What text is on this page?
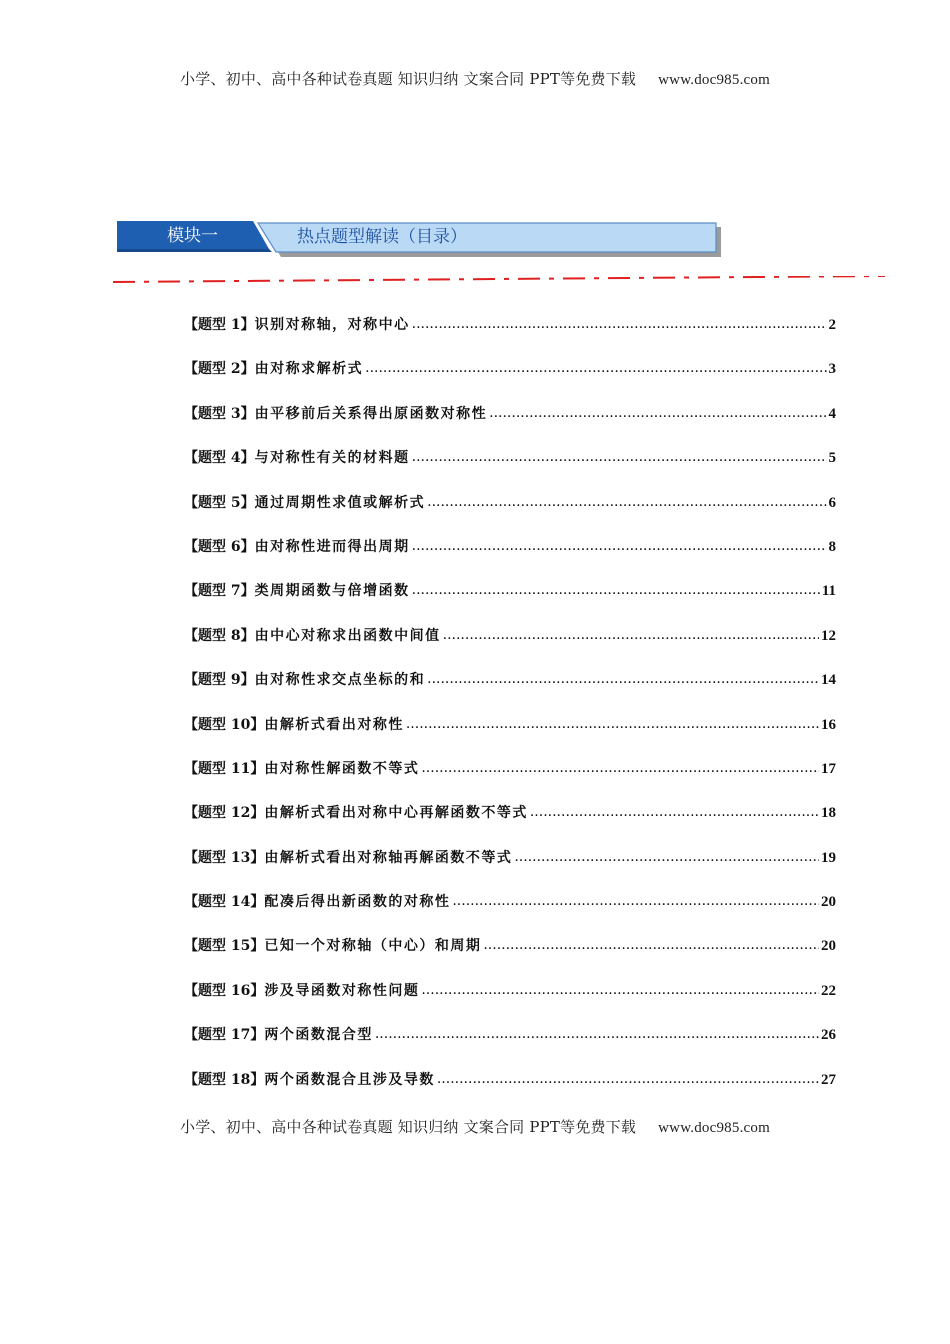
小学、初中、高中各种试卷真题 知识归纳 文案合同 PPT等免费下载 www.doc985.com
模块一	热点题型解读（目录）
【题型 1】 识别对称轴，对称中心 .....	2
【题型 2】 由对称求解析式 .....	3
【题型 3】 由平移前后关系得出原函数对称性 .....	4
【题型 4】 与对称性有关的材料题 .....	5
【题型 5】 通过周期性求值或解析式 .....	6
【题型 6】 由对称性进而得出周期 .....	8
【题型 7】 类周期函数与倍增函数 .....	11
【题型 8】 由中心对称求出函数中间值 .....	12
【题型 9】 由对称性求交点坐标的和 .....	14
【题型 10】 由解析式看出对称性 .....	16
【题型 11】 由对称性解函数不等式 .....	17
【题型 12】 由解析式看出对称中心再解函数不等式 .....	18
【题型 13】 由解析式看出对称轴再解函数不等式 .....	19
【题型 14】 配凑后得出新函数的对称性 .....	20
【题型 15】 已知一个对称轴（中心）和周期 .....	20
【题型 16】 涉及导函数对称性问题 .....	22
【题型 17】 两个函数混合型 .....	26
【题型 18】 两个函数混合且涉及导数 .....	27
小学、初中、高中各种试卷真题 知识归纳 文案合同 PPT等免费下载 www.doc985.com
